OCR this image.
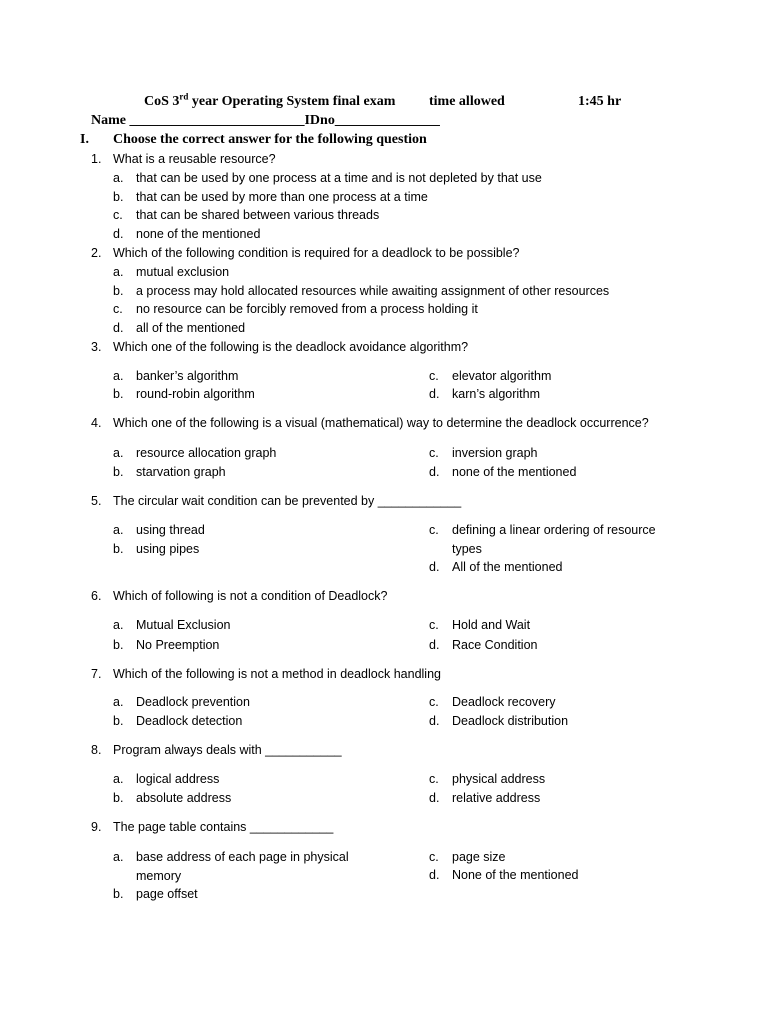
CoS 3rd year Operating System final exam time allowed	1:45 hr
Name _________________________IDno_______________
I. Choose the correct answer for the following question
1. What is a reusable resource?
a. that can be used by one process at a time and is not depleted by that use
b. that can be used by more than one process at a time
c. that can be shared between various threads
d. none of the mentioned
2. Which of the following condition is required for a deadlock to be possible?
a. mutual exclusion
b. a process may hold allocated resources while awaiting assignment of other resources
c. no resource can be forcibly removed from a process holding it
d. all of the mentioned
3. Which one of the following is the deadlock avoidance algorithm?
a. banker’s algorithm
b. round-robin algorithm
c. elevator algorithm
d. karn’s algorithm
4. Which one of the following is a visual (mathematical) way to determine the deadlock occurrence?
a. resource allocation graph
b. starvation graph
c. inversion graph
d. none of the mentioned
5. The circular wait condition can be prevented by ____________
a. using thread
b. using pipes
c. defining a linear ordering of resource types
d. All of the mentioned
6. Which of following is not a condition of Deadlock?
a. Mutual Exclusion
b. No Preemption
c. Hold and Wait
d. Race Condition
7. Which of the following is not a method in deadlock handling
a. Deadlock prevention
b. Deadlock detection
c. Deadlock recovery
d. Deadlock distribution
8. Program always deals with ___________
a. logical address
b. absolute address
c. physical address
d. relative address
9. The page table contains ____________
a. base address of each page in physical memory
b. page offset
c. page size
d. None of the mentioned
